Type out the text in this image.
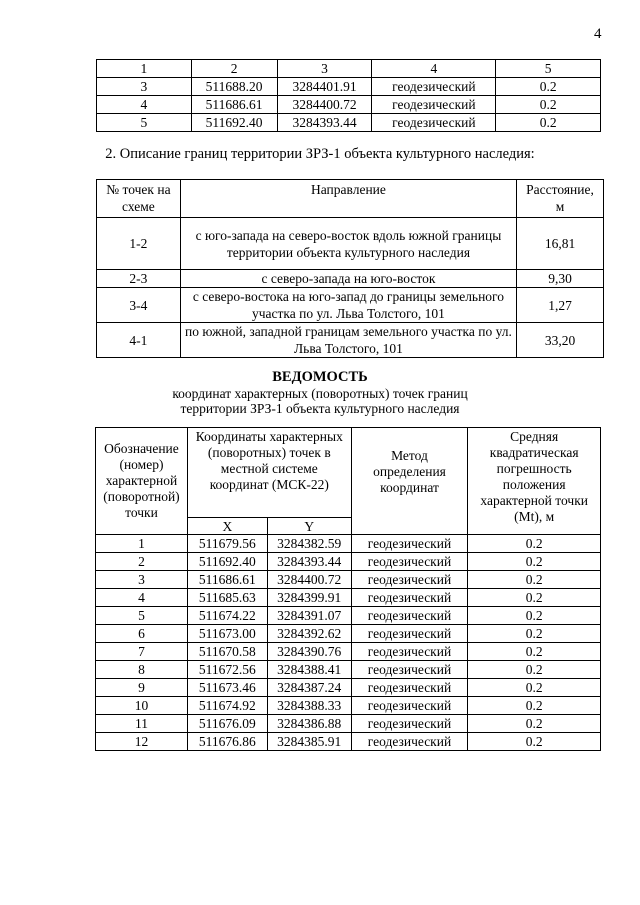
4
1	2	3	4	5
3	511688.20	3284401.91	геодезический	0.2
4	511686.61	3284400.72	геодезический	0.2
5	511692.40	3284393.44	геодезический	0.2
2. Описание границ территории ЗРЗ-1 объекта культурного наследия:
№ точек на схеме	Направление	Расстояние, м
1-2	с юго-запада на северо-восток вдоль южной границы территории объекта культурного наследия	16,81
2-3	с северо-запада на юго-восток	9,30
3-4	с северо-востока на юго-запад до границы земельного участка по ул. Льва Толстого, 101	1,27
4-1	по южной, западной границам земельного участка по ул. Льва Толстого, 101	33,20
ВЕДОМОСТЬ
координат характерных (поворотных) точек границ
территории ЗРЗ-1 объекта культурного наследия
Обозначение (номер) характерной (поворотной) точки	Координаты характерных (поворотных) точек в местной системе координат (МСК-22)		Метод определения координат	Средняя квадратическая погрешность положения характерной точки (Mt), м
	X	Y		
1	511679.56	3284382.59	геодезический	0.2
2	511692.40	3284393.44	геодезический	0.2
3	511686.61	3284400.72	геодезический	0.2
4	511685.63	3284399.91	геодезический	0.2
5	511674.22	3284391.07	геодезический	0.2
6	511673.00	3284392.62	геодезический	0.2
7	511670.58	3284390.76	геодезический	0.2
8	511672.56	3284388.41	геодезический	0.2
9	511673.46	3284387.24	геодезический	0.2
10	511674.92	3284388.33	геодезический	0.2
11	511676.09	3284386.88	геодезический	0.2
12	511676.86	3284385.91	геодезический	0.2
